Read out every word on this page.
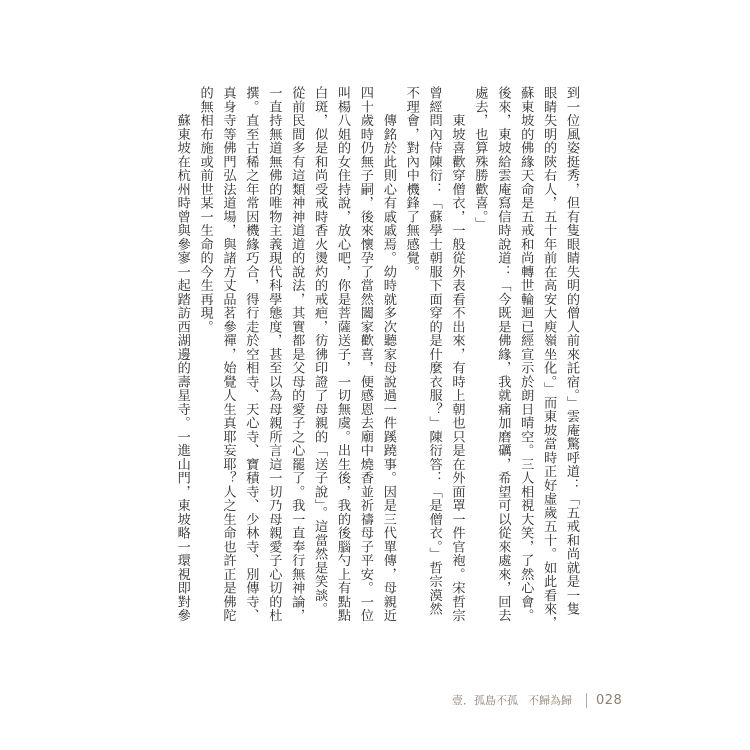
到一位風姿挺秀，但有隻眼睛失明的僧人前來託宿。」雲庵驚呼道：「五戒和尚就是一隻
眼睛失明的陝右人，五十年前在高安大庾嶺坐化。」而東坡當時正好虛歲五十。如此看來，
蘇東坡的佛緣天命是五戒和尚轉世輪迴已經宣示於朗日晴空。三人相視大笑，了然心會。
後來，東坡給雲庵寫信時說道：「今既是佛緣，我就痛加磨礪，希望可以從來處來，回去
處去，也算殊勝歡喜。」
　　東坡喜歡穿僧衣，一般從外表看不出來，有時上朝也只是在外面罩一件官袍。宋哲宗
曾經問內侍陳衍：「蘇學士朝服下面穿的是什麼衣服？」陳衍答：「是僧衣。」哲宗漠然
不理會，對內中機鋒了無感覺。
　　傳銘於此則心有戚戚焉。幼時就多次聽家母說過一件蹊蹺事。因是三代單傳，母親近
四十歲時仍無子嗣，後來懷孕了當然闔家歡喜，便感恩去廟中燒香並祈禱母子平安。一位
叫楊八姐的女住持說，放心吧，你是菩薩送子，一切無虞。出生後，我的後腦勺上有點點
白斑，似是和尚受戒時香火燙灼的戒疤，彷彿印證了母親的「送子說」。這當然是笑談。
從前民間多有這類神神道道的說法，其實都是父母的愛子之心罷了。我一直奉行無神論，
一直持無道無佛的唯物主義現代科學態度，甚至以為母親所言這一切乃母親愛子心切的杜
撰。直至古稀之年常因機緣巧合，得行走於空相寺、天心寺、寶積寺、少林寺、別傳寺、
真身寺等佛門弘法道場，與諸方丈品茗參禪，始覺人生真耶妄耶？人之生命也許正是佛陀
的無相布施或前世某一生命的今生再現。
　　蘇東坡在杭州時曾與參寥一起踏訪西湖邊的壽星寺。一進山門，東坡略一環視即對參
壹．孤島不孤 不歸為歸 028
